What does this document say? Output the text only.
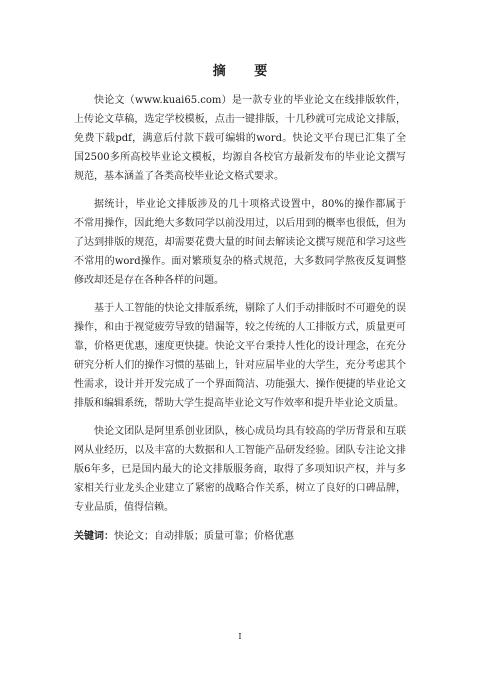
摘 要

快论文（www.kuai65.com）是一款专业的毕业论文在线排版软件，上传论文草稿，选定学校模板，点击一键排版，十几秒就可完成论文排版，免费下载pdf，满意后付款下载可编辑的word。快论文平台现已汇集了全国2500多所高校毕业论文模板，均源自各校官方最新发布的毕业论文撰写规范，基本涵盖了各类高校毕业论文格式要求。

据统计，毕业论文排版涉及的几十项格式设置中，80%的操作都属于不常用操作，因此绝大多数同学以前没用过，以后用到的概率也很低，但为了达到排版的规范，却需要花费大量的时间去解读论文撰写规范和学习这些不常用的word操作。面对繁琐复杂的格式规范，大多数同学熬夜反复调整修改却还是存在各种各样的问题。

基于人工智能的快论文排版系统，剔除了人们手动排版时不可避免的误操作，和由于视觉疲劳导致的错漏等，较之传统的人工排版方式，质量更可靠，价格更优惠，速度更快捷。快论文平台秉持人性化的设计理念，在充分研究分析人们的操作习惯的基础上，针对应届毕业的大学生，充分考虑其个性需求，设计并开发完成了一个界面简洁、功能强大、操作便捷的毕业论文排版和编辑系统，帮助大学生提高毕业论文写作效率和提升毕业论文质量。

快论文团队是阿里系创业团队，核心成员均具有较高的学历背景和互联网从业经历，以及丰富的大数据和人工智能产品研发经验。团队专注论文排版6年多，已是国内最大的论文排版服务商，取得了多项知识产权，并与多家相关行业龙头企业建立了紧密的战略合作关系，树立了良好的口碑品牌，专业品质，值得信赖。

关键词：快论文；自动排版；质量可靠；价格优惠

I
